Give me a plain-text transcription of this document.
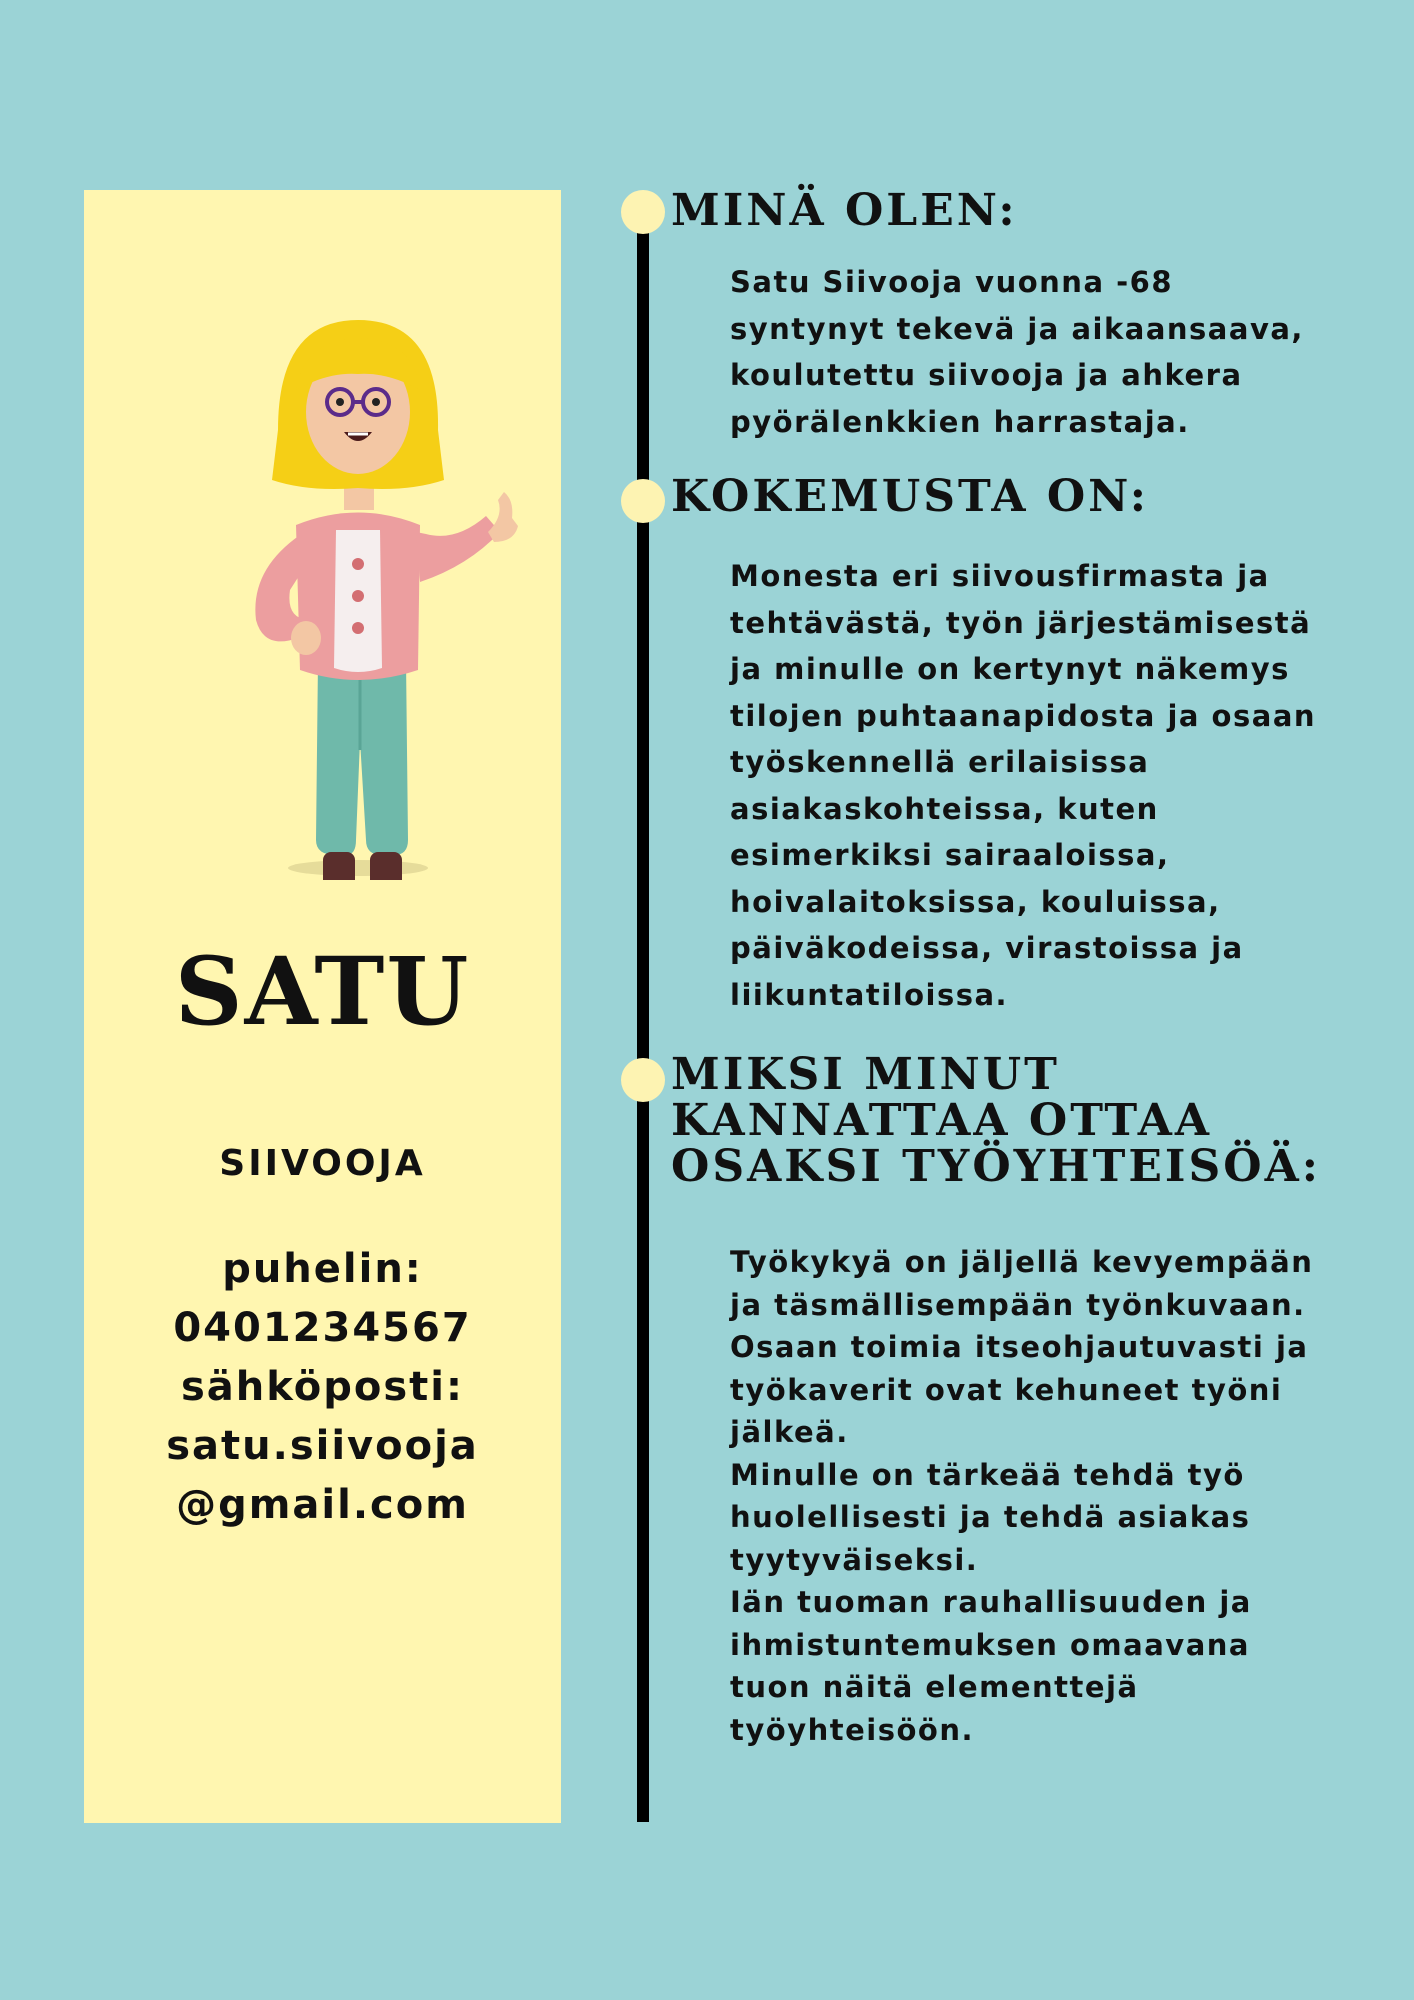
SATU
SIIVOOJA
puhelin:
0401234567
sähköposti:
satu.siivooja
@gmail.com
MINÄ OLEN:
Satu Siivooja vuonna -68
syntynyt tekevä ja aikaansaava,
koulutettu siivooja ja ahkera
pyörälenkkien harrastaja.
KOKEMUSTA ON:
Monesta eri siivousfirmasta ja
tehtävästä, työn järjestämisestä
ja minulle on kertynyt näkemys
tilojen puhtaanapidosta ja osaan
työskennellä erilaisissa
asiakaskohteissa, kuten
esimerkiksi sairaaloissa,
hoivalaitoksissa, kouluissa,
päiväkodeissa, virastoissa ja
liikuntatiloissa.
MIKSI MINUT
KANNATTAA OTTAA
OSAKSI TYÖYHTEISÖÄ:
Työkykyä on jäljellä kevyempään
ja täsmällisempään työnkuvaan.
Osaan toimia itseohjautuvasti ja
työkaverit ovat kehuneet työni
jälkeä.
Minulle on tärkeää tehdä työ
huolellisesti ja tehdä asiakas
tyytyväiseksi.
Iän tuoman rauhallisuuden ja
ihmistuntemuksen omaavana
tuon näitä elementtejä
työyhteisöön.
